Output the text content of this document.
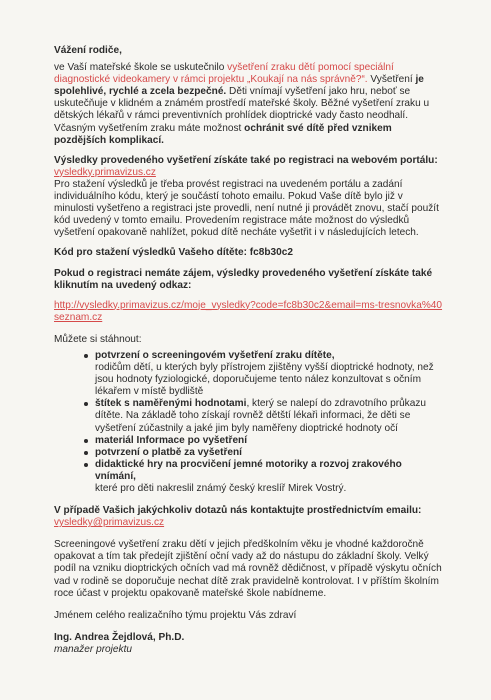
Vážení rodiče,

ve Vaší mateřské škole se uskutečnilo vyšetření zraku dětí pomocí speciální diagnostické videokamery v rámci projektu „Koukají na nás správně?“. Vyšetření je spolehlivé, rychlé a zcela bezpečné. Děti vnímají vyšetření jako hru, neboť se uskutečňuje v klidném a známém prostředí mateřské školy. Běžné vyšetření zraku u dětských lékařů v rámci preventivních prohlídek dioptrické vady často neodhalí. Včasným vyšetřením zraku máte možnost ochránit své dítě před vznikem pozdějších komplikací.

Výsledky provedeného vyšetření získáte také po registraci na webovém portálu: vysledky.primavizus.cz

Pro stažení výsledků je třeba provést registraci na uvedeném portálu a zadání individuálního kódu, který je součástí tohoto emailu. Pokud Vaše dítě bylo již v minulosti vyšetřeno a registraci jste provedli, není nutné ji provádět znovu, stačí použít kód uvedený v tomto emailu. Provedením registrace máte možnost do výsledků vyšetření opakovaně nahlížet, pokud dítě necháte vyšetřit i v následujících letech.

Kód pro stažení výsledků Vašeho dítěte: fc8b30c2

Pokud o registraci nemáte zájem, výsledky provedeného vyšetření získáte také kliknutím na uvedený odkaz:

http://vysledky.primavizus.cz/moje_vysledky?code=fc8b30c2&email=ms-tresnovka%40seznam.cz

Můžete si stáhnout:

potvrzení o screeningovém vyšetření zraku dítěte,
rodičům dětí, u kterých byly přístrojem zjištěny vyšší dioptrické hodnoty, než jsou hodnoty fyziologické, doporučujeme tento nález konzultovat s očním lékařem v místě bydliště
štítek s naměřenými hodnotami, který se nalepí do zdravotního průkazu dítěte. Na základě toho získají rovněž dětští lékaři informaci, že děti se vyšetření zúčastnily a jaké jim byly naměřeny dioptrické hodnoty očí
materiál Informace po vyšetření
potvrzení o platbě za vyšetření
didaktické hry na procvičení jemné motoriky a rozvoj zrakového vnímání,
které pro děti nakreslil známý český kreslíř Mirek Vostrý.

V případě Vašich jakýchkoliv dotazů nás kontaktujte prostřednictvím emailu:

vysledky@primavizus.cz

Screeningové vyšetření zraku dětí v jejich předškolním věku je vhodné každoročně opakovat a tím tak předejít zjištění oční vady až do nástupu do základní školy. Velký podíl na vzniku dioptrických očních vad má rovněž dědičnost, v případě výskytu očních vad v rodině se doporučuje nechat dítě zrak pravidelně kontrolovat. I v příštím školním roce účast v projektu opakovaně mateřské škole nabídneme.

Jménem celého realizačního týmu projektu Vás zdraví

Ing. Andrea Žejdlová, Ph.D.

manažer projektu
